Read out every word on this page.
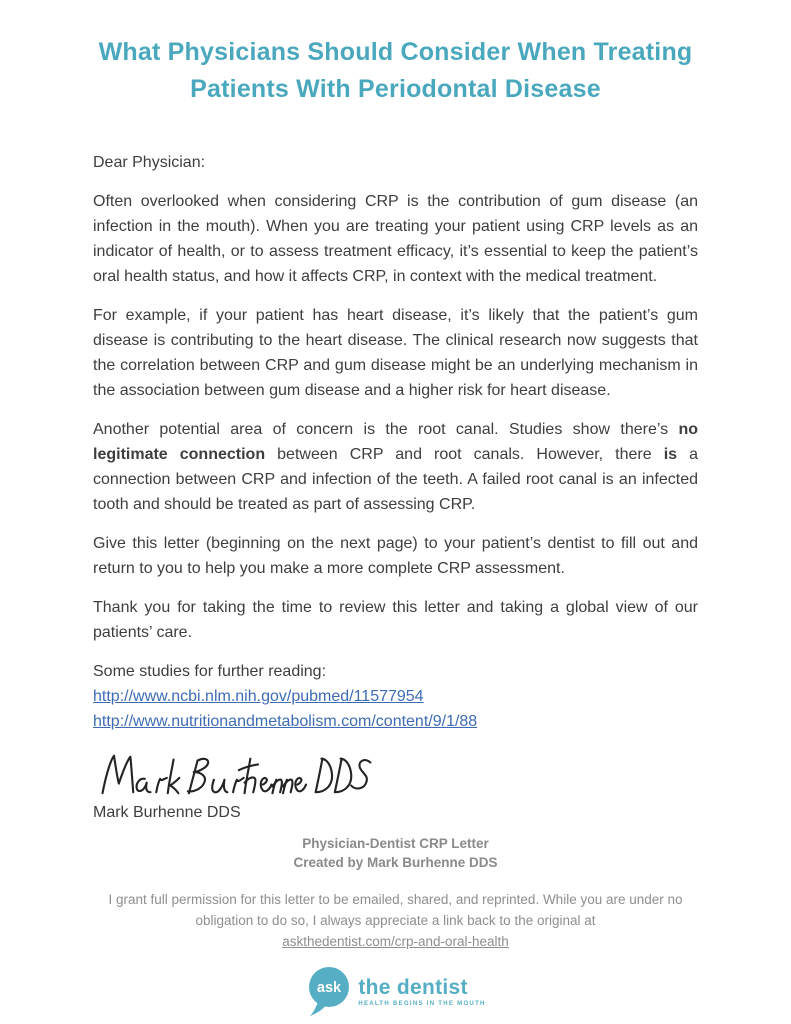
What Physicians Should Consider When Treating
Patients With Periodontal Disease

Dear Physician:

Often overlooked when considering CRP is the contribution of gum disease (an infection in the mouth). When you are treating your patient using CRP levels as an indicator of health, or to assess treatment efficacy, it’s essential to keep the patient’s oral health status, and how it affects CRP, in context with the medical treatment.

For example, if your patient has heart disease, it’s likely that the patient’s gum disease is contributing to the heart disease. The clinical research now suggests that the correlation between CRP and gum disease might be an underlying mechanism in the association between gum disease and a higher risk for heart disease.

Another potential area of concern is the root canal. Studies show there’s no legitimate connection between CRP and root canals. However, there is a connection between CRP and infection of the teeth. A failed root canal is an infected tooth and should be treated as part of assessing CRP.

Give this letter (beginning on the next page) to your patient’s dentist to fill out and return to you to help you make a more complete CRP assessment.

Thank you for taking the time to review this letter and taking a global view of our patients’ care.

Some studies for further reading:

http://www.ncbi.nlm.nih.gov/pubmed/11577954
http://www.nutritionandmetabolism.com/content/9/1/88

Mark Burhenne DDS

Physician-Dentist CRP Letter

Created by Mark Burhenne DDS

I grant full permission for this letter to be emailed, shared, and reprinted. While you are under no obligation to do so, I always appreciate a link back to the original at
askthedentist.com/crp-and-oral-health

ask the dentist
HEALTH BEGINS IN THE MOUTH
